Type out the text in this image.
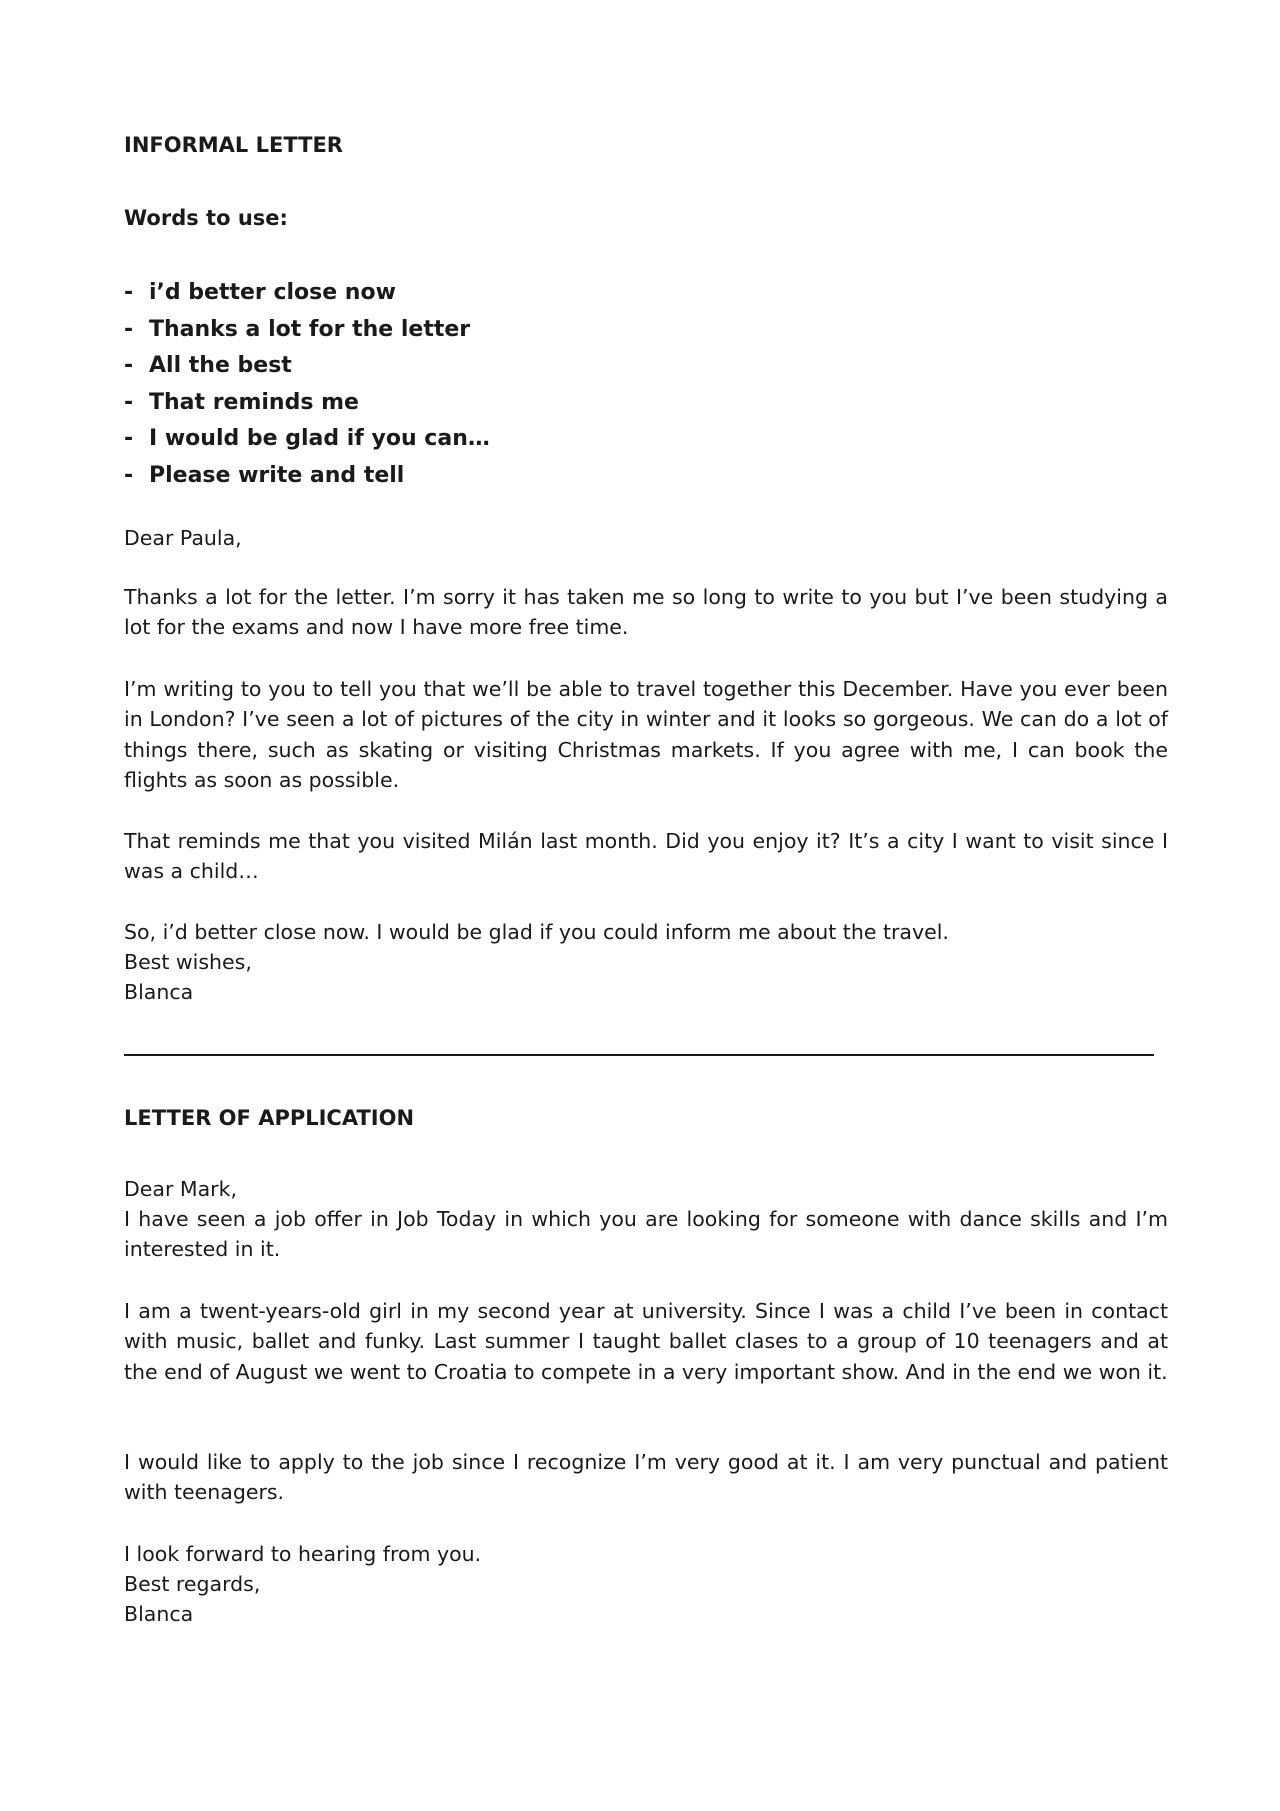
INFORMAL LETTER
Words to use:
‐ i’d better close now
‐ Thanks a lot for the letter
‐ All the best
‐ That reminds me
‐ I would be glad if you can…
‐ Please write and tell
Dear Paula,

Thanks a lot for the letter. I’m sorry it has taken me so long to write to you but I’ve been studying a lot for the exams and now I have more free time.

I’m writing to you to tell you that we’ll be able to travel together this December. Have you ever been in London? I’ve seen a lot of pictures of the city in winter and it looks so gorgeous. We can do a lot of things there, such as skating or visiting Christmas markets. If you agree with me, I can book the flights as soon as possible.

That reminds me that you visited Milán last month. Did you enjoy it? It’s a city I want to visit since I was a child…

So, i’d better close now. I would be glad if you could inform me about the travel.
Best wishes,
Blanca
LETTER OF APPLICATION
Dear Mark,

I have seen a job offer in Job Today in which you are looking for someone with dance skills and I’m interested in it.

I am a twent-years-old girl in my second year at university. Since I was a child I’ve been in contact with music, ballet and funky. Last summer I taught ballet clases to a group of 10 teenagers and at the end of August we went to Croatia to compete in a very important show. And in the end we won it.

I would like to apply to the job since I recognize I’m very good at it. I am very punctual and patient with teenagers.

I look forward to hearing from you.
Best regards,
Blanca
